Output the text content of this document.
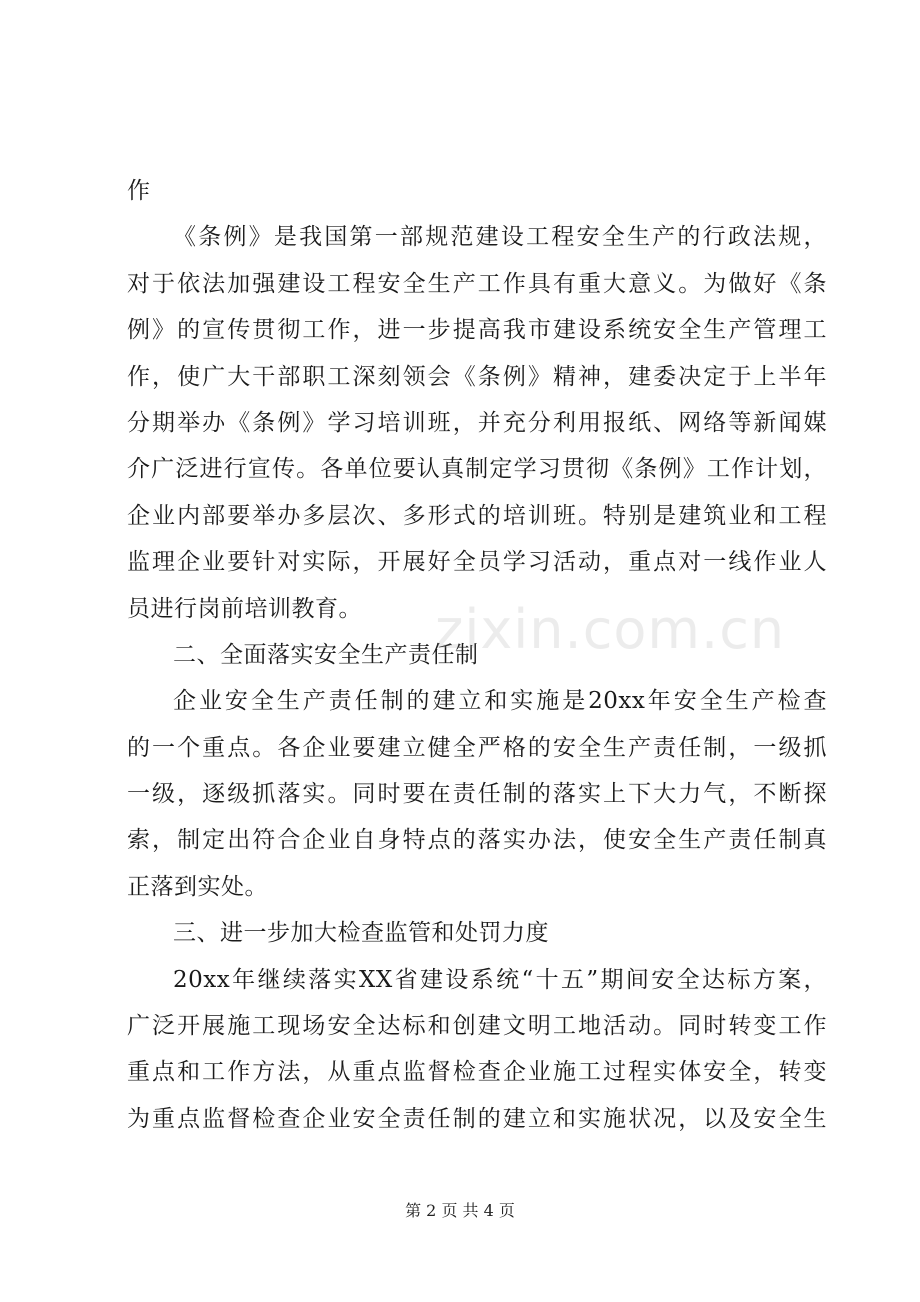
作
《条例》是我国第一部规范建设工程安全生产的行政法规，
对于依法加强建设工程安全生产工作具有重大意义。为做好《条
例》的宣传贯彻工作，进一步提高我市建设系统安全生产管理工
作，使广大干部职工深刻领会《条例》精神，建委决定于上半年
分期举办《条例》学习培训班，并充分利用报纸、网络等新闻媒
介广泛进行宣传。各单位要认真制定学习贯彻《条例》工作计划，
企业内部要举办多层次、多形式的培训班。特别是建筑业和工程
监理企业要针对实际，开展好全员学习活动，重点对一线作业人
员进行岗前培训教育。
二、全面落实安全生产责任制
企业安全生产责任制的建立和实施是20xx年安全生产检查
的一个重点。各企业要建立健全严格的安全生产责任制，一级抓
一级，逐级抓落实。同时要在责任制的落实上下大力气，不断探
索，制定出符合企业自身特点的落实办法，使安全生产责任制真
正落到实处。
三、进一步加大检查监管和处罚力度
20xx年继续落实XX省建设系统“十五”期间安全达标方案，
广泛开展施工现场安全达标和创建文明工地活动。同时转变工作
重点和工作方法，从重点监督检查企业施工过程实体安全，转变
为重点监督检查企业安全责任制的建立和实施状况，以及安全生
zixin.com.cn
第 2 页 共 4 页
